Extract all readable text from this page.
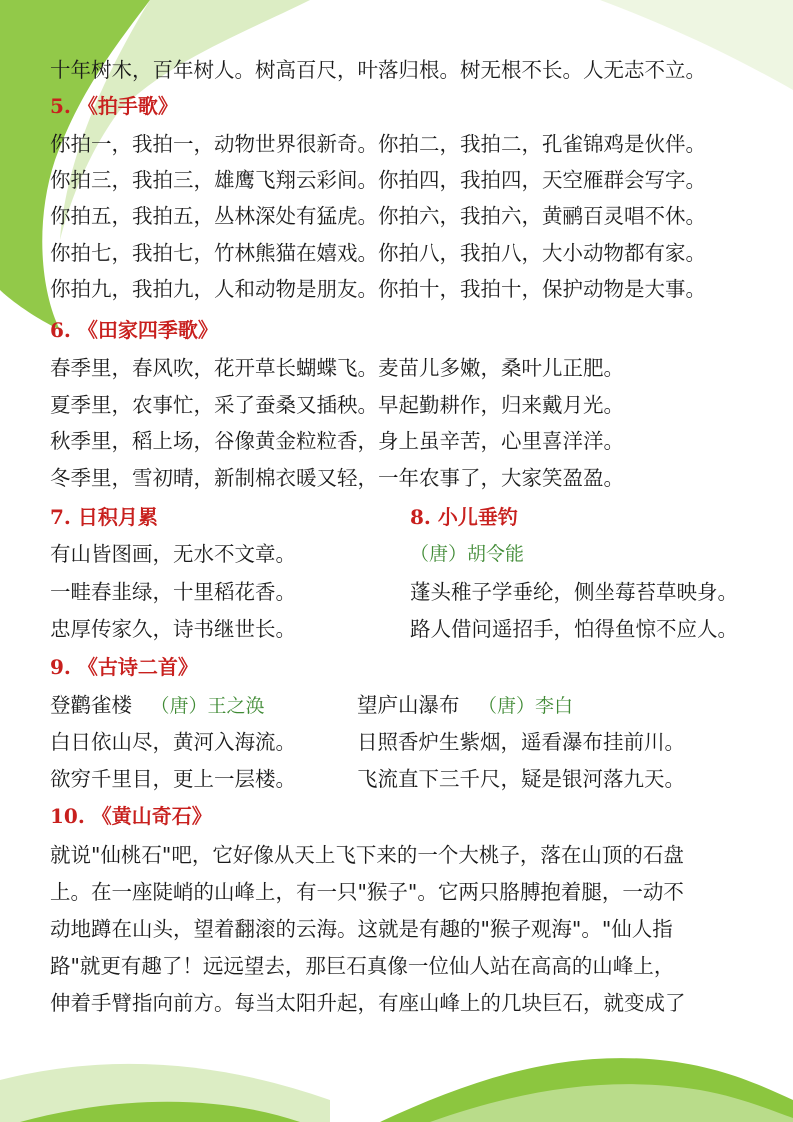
十年树木，百年树人。树高百尺，叶落归根。树无根不长。人无志不立。
5. 《拍手歌》
你拍一，我拍一，动物世界很新奇。你拍二，我拍二，孔雀锦鸡是伙伴。
你拍三，我拍三，雄鹰飞翔云彩间。你拍四，我拍四，天空雁群会写字。
你拍五，我拍五，丛林深处有猛虎。你拍六，我拍六，黄鹂百灵唱不休。
你拍七，我拍七，竹林熊猫在嬉戏。你拍八，我拍八，大小动物都有家。
你拍九，我拍九，人和动物是朋友。你拍十，我拍十，保护动物是大事。
6. 《田家四季歌》
春季里，春风吹，花开草长蝴蝶飞。麦苗儿多嫩，桑叶儿正肥。
夏季里，农事忙，采了蚕桑又插秧。早起勤耕作，归来戴月光。
秋季里，稻上场，谷像黄金粒粒香，身上虽辛苦，心里喜洋洋。
冬季里，雪初晴，新制棉衣暖又轻，一年农事了，大家笑盈盈。
7. 日积月累
有山皆图画，无水不文章。
一畦春韭绿，十里稻花香。
忠厚传家久，诗书继世长。
8. 小儿垂钓
（唐）胡令能
蓬头稚子学垂纶，侧坐莓苔草映身。
路人借问遥招手，怕得鱼惊不应人。
9. 《古诗二首》
登鹳雀楼 （唐）王之涣
白日依山尽，黄河入海流。
欲穷千里目，更上一层楼。
望庐山瀑布 （唐）李白
日照香炉生紫烟，遥看瀑布挂前川。
飞流直下三千尺，疑是银河落九天。
10. 《黄山奇石》
就说"仙桃石"吧，它好像从天上飞下来的一个大桃子，落在山顶的石盘
上。在一座陡峭的山峰上，有一只"猴子"。它两只胳膊抱着腿，一动不
动地蹲在山头，望着翻滚的云海。这就是有趣的"猴子观海"。"仙人指
路"就更有趣了！远远望去，那巨石真像一位仙人站在高高的山峰上，
伸着手臂指向前方。每当太阳升起，有座山峰上的几块巨石，就变成了
